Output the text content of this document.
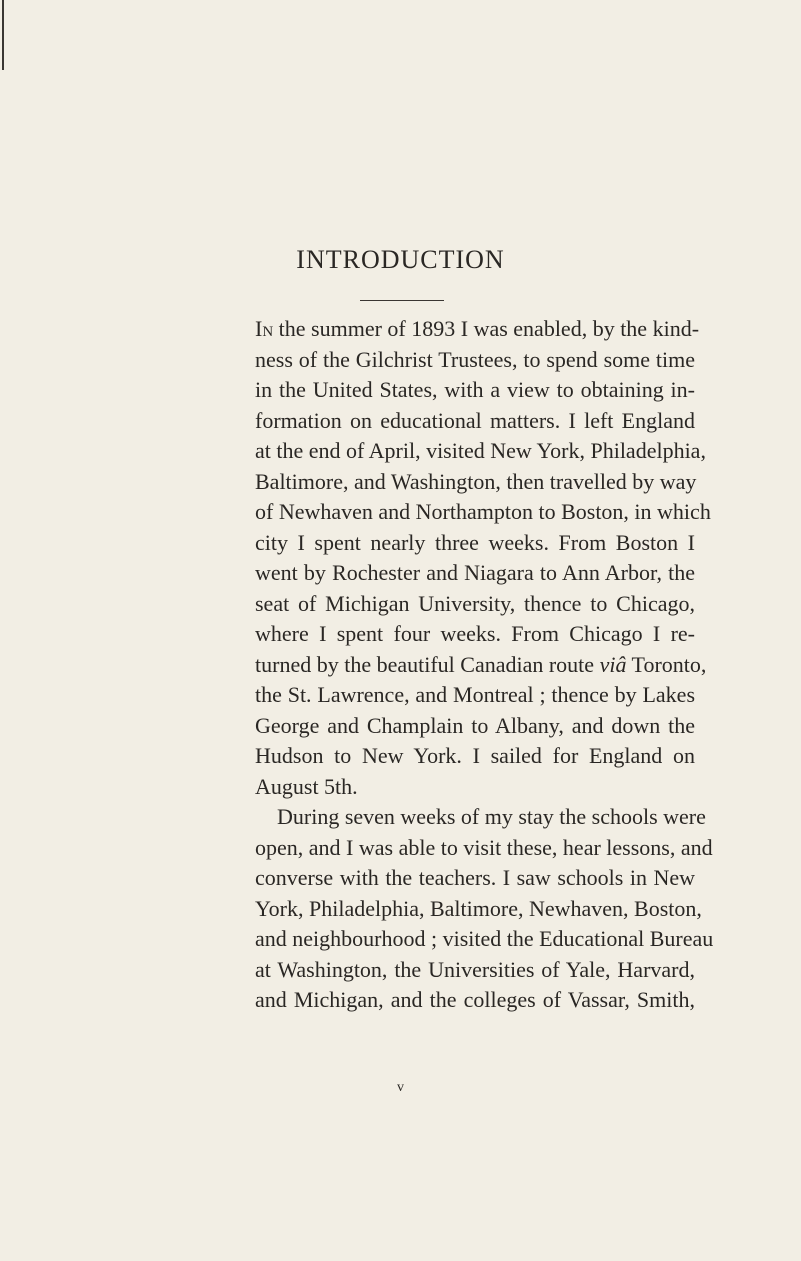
INTRODUCTION
In the summer of 1893 I was enabled, by the kind-
ness of the Gilchrist Trustees, to spend some time
in the United States, with a view to obtaining in-
formation on educational matters. I left England
at the end of April, visited New York, Philadelphia,
Baltimore, and Washington, then travelled by way
of Newhaven and Northampton to Boston, in which
city I spent nearly three weeks. From Boston I
went by Rochester and Niagara to Ann Arbor, the
seat of Michigan University, thence to Chicago,
where I spent four weeks. From Chicago I re-
turned by the beautiful Canadian route viâ Toronto,
the St. Lawrence, and Montreal ; thence by Lakes
George and Champlain to Albany, and down the
Hudson to New York. I sailed for England on
August 5th.
During seven weeks of my stay the schools were
open, and I was able to visit these, hear lessons, and
converse with the teachers. I saw schools in New
York, Philadelphia, Baltimore, Newhaven, Boston,
and neighbourhood ; visited the Educational Bureau
at Washington, the Universities of Yale, Harvard,
and Michigan, and the colleges of Vassar, Smith,
v
